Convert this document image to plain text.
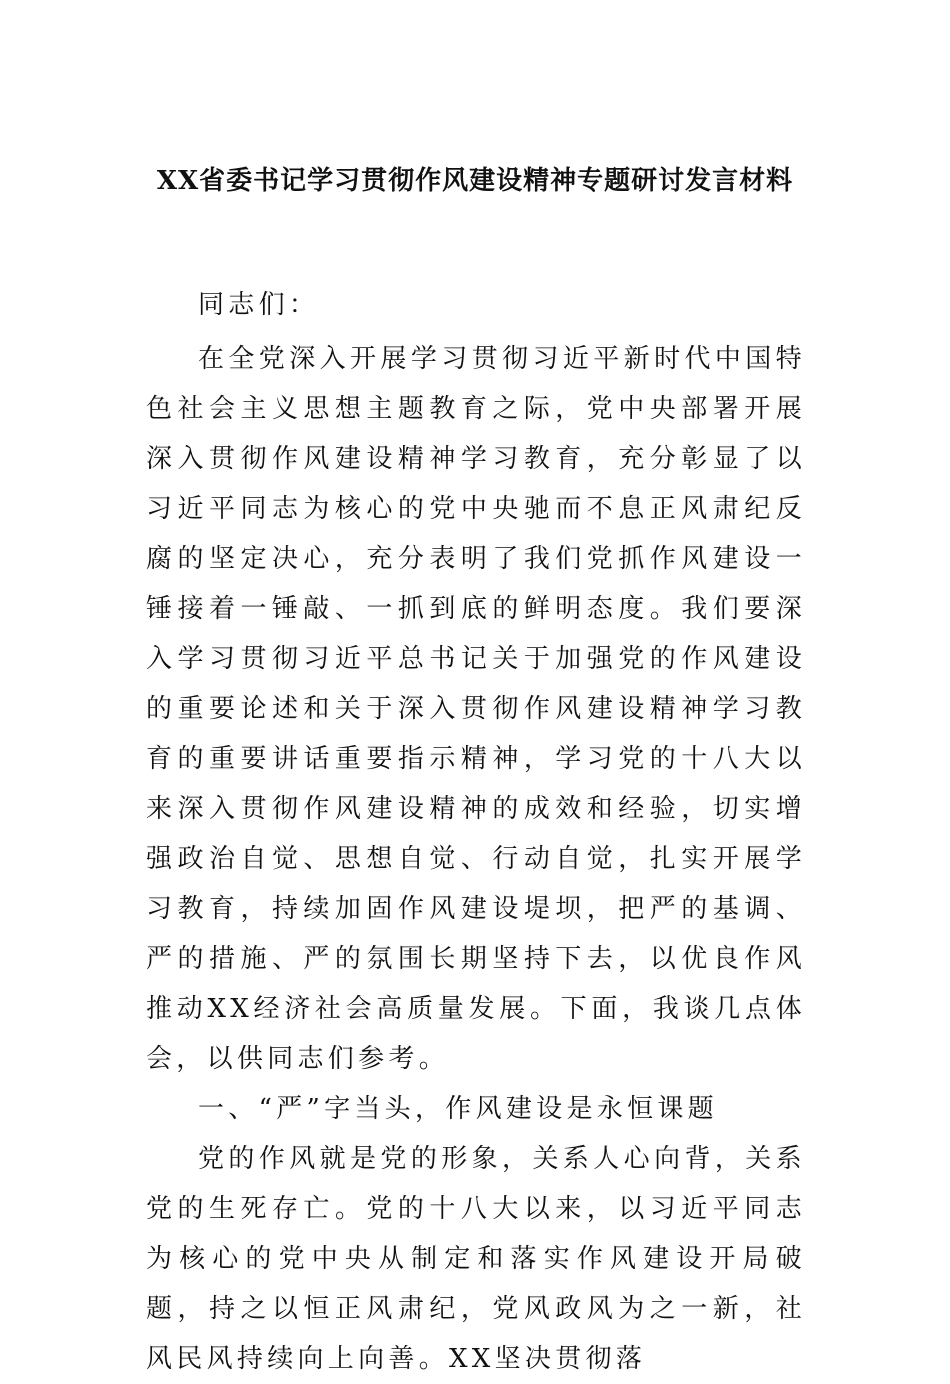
XX省委书记学习贯彻作风建设精神专题研讨发言材料

同志们：

在全党深入开展学习贯彻习近平新时代中国特色社会主义思想主题教育之际，党中央部署开展深入贯彻作风建设精神学习教育，充分彰显了以习近平同志为核心的党中央驰而不息正风肃纪反腐的坚定决心，充分表明了我们党抓作风建设一锤接着一锤敲、一抓到底的鲜明态度。我们要深入学习贯彻习近平总书记关于加强党的作风建设的重要论述和关于深入贯彻作风建设精神学习教育的重要讲话重要指示精神，学习党的十八大以来深入贯彻作风建设精神的成效和经验，切实增强政治自觉、思想自觉、行动自觉，扎实开展学习教育，持续加固作风建设堤坝，把严的基调、严的措施、严的氛围长期坚持下去，以优良作风推动XX经济社会高质量发展。下面，我谈几点体会，以供同志们参考。

一、“严”字当头，作风建设是永恒课题

党的作风就是党的形象，关系人心向背，关系党的生死存亡。党的十八大以来，以习近平同志为核心的党中央从制定和落实作风建设开局破题，持之以恒正风肃纪，党风政风为之一新，社风民风持续向上向善。XX坚决贯彻落
